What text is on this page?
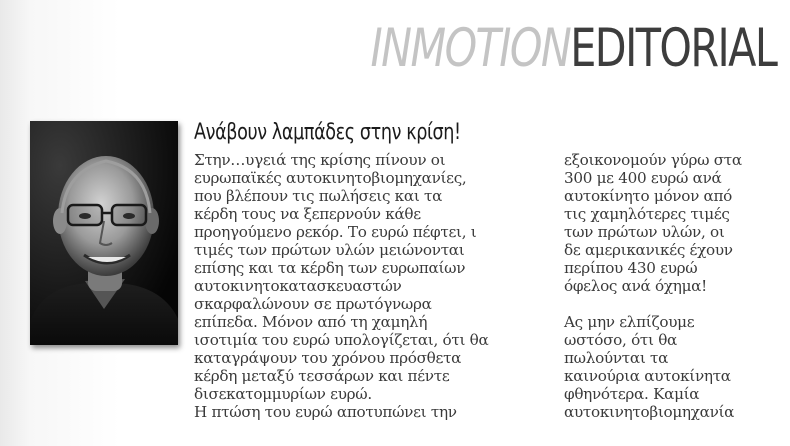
INMOTIONEDITORIAL
Ανάβουν λαμπάδες στην κρίση!
Στην…υγειά της κρίσης πίνουν οι
ευρωπαϊκές αυτοκινητοβιομηχανίες,
που βλέπουν τις πωλήσεις και τα
κέρδη τους να ξεπερνούν κάθε
προηγούμενο ρεκόρ. Το ευρώ πέφτει, ι
τιμές των πρώτων υλών μειώνονται
επίσης και τα κέρδη των ευρωπαίων
αυτοκινητοκατασκευαστών
σκαρφαλώνουν σε πρωτόγνωρα
επίπεδα. Μόνον από τη χαμηλή
ισοτιμία του ευρώ υπολογίζεται, ότι θα
καταγράψουν του χρόνου πρόσθετα
κέρδη μεταξύ τεσσάρων και πέντε
δισεκατομμυρίων ευρώ.
Η πτώση του ευρώ αποτυπώνει την
εξοικονομούν γύρω στα
300 με 400 ευρώ ανά
αυτοκίνητο μόνον από
τις χαμηλότερες τιμές
των πρώτων υλών, οι
δε αμερικανικές έχουν
περίπου 430 ευρώ
όφελος ανά όχημα!
Ας μην ελπίζουμε
ωστόσο, ότι θα
πωλούνται τα
καινούρια αυτοκίνητα
φθηνότερα. Καμία
αυτοκινητοβιομηχανία
